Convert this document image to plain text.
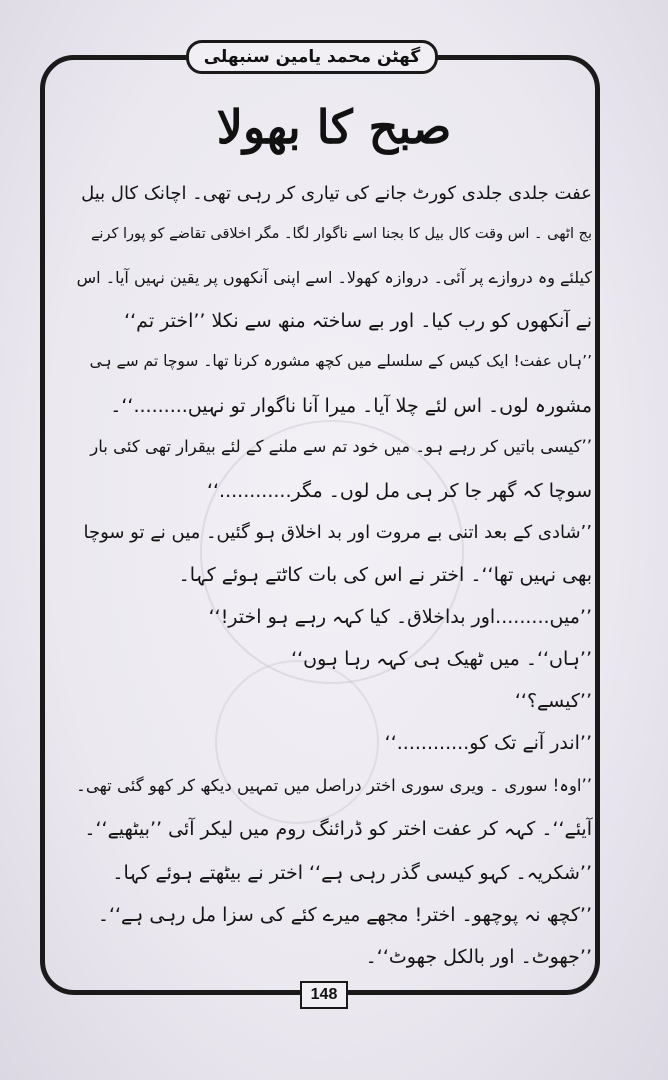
گھٹن محمد یامین سنبھلی
صبح کا بھولا
عفت جلدی جلدی کورٹ جانے کی تیاری کر رہی تھی۔ اچانک کال بیل
بج اٹھی ۔ اس وقت کال بیل کا بجنا اسے ناگوار لگا۔ مگر اخلاقی تقاضے کو پورا کرنے
کیلئے وہ دروازے پر آئی۔ دروازہ کھولا۔ اسے اپنی آنکھوں پر یقین نہیں آیا۔ اس
نے آنکھوں کو رب کیا۔ اور بے ساختہ منھ سے نکلا ’’اختر تم‘‘
’’ہاں عفت! ایک کیس کے سلسلے میں کچھ مشورہ کرنا تھا۔ سوچا تم سے ہی
مشورہ لوں۔ اس لئے چلا آیا۔ میرا آنا ناگوار تو نہیں.........‘‘۔
’’کیسی باتیں کر رہے ہو۔ میں خود تم سے ملنے کے لئے بیقرار تھی کئی بار
سوچا کہ گھر جا کر ہی مل لوں۔ مگر............‘‘
’’شادی کے بعد اتنی بے مروت اور بد اخلاق ہو گئیں۔ میں نے تو سوچا
بھی نہیں تھا‘‘۔ اختر نے اس کی بات کاٹتے ہوئے کہا۔
’’میں.........اور بداخلاق۔ کیا کہہ رہے ہو اختر!‘‘
’’ہاں‘‘۔ میں ٹھیک ہی کہہ رہا ہوں‘‘
’’کیسے؟‘‘
’’اندر آنے تک کو............‘‘
’’اوہ! سوری ۔ ویری سوری اختر دراصل میں تمہیں دیکھ کر کھو گئی تھی۔
آیئے‘‘۔ کہہ کر عفت اختر کو ڈرائنگ روم میں لیکر آئی ’’بیٹھیے‘‘۔
’’شکریہ۔ کہو کیسی گذر رہی ہے‘‘ اختر نے بیٹھتے ہوئے کہا۔
’’کچھ نہ پوچھو۔ اختر! مجھے میرے کئے کی سزا مل رہی ہے‘‘۔
’’جھوٹ۔ اور بالکل جھوٹ‘‘۔
148
